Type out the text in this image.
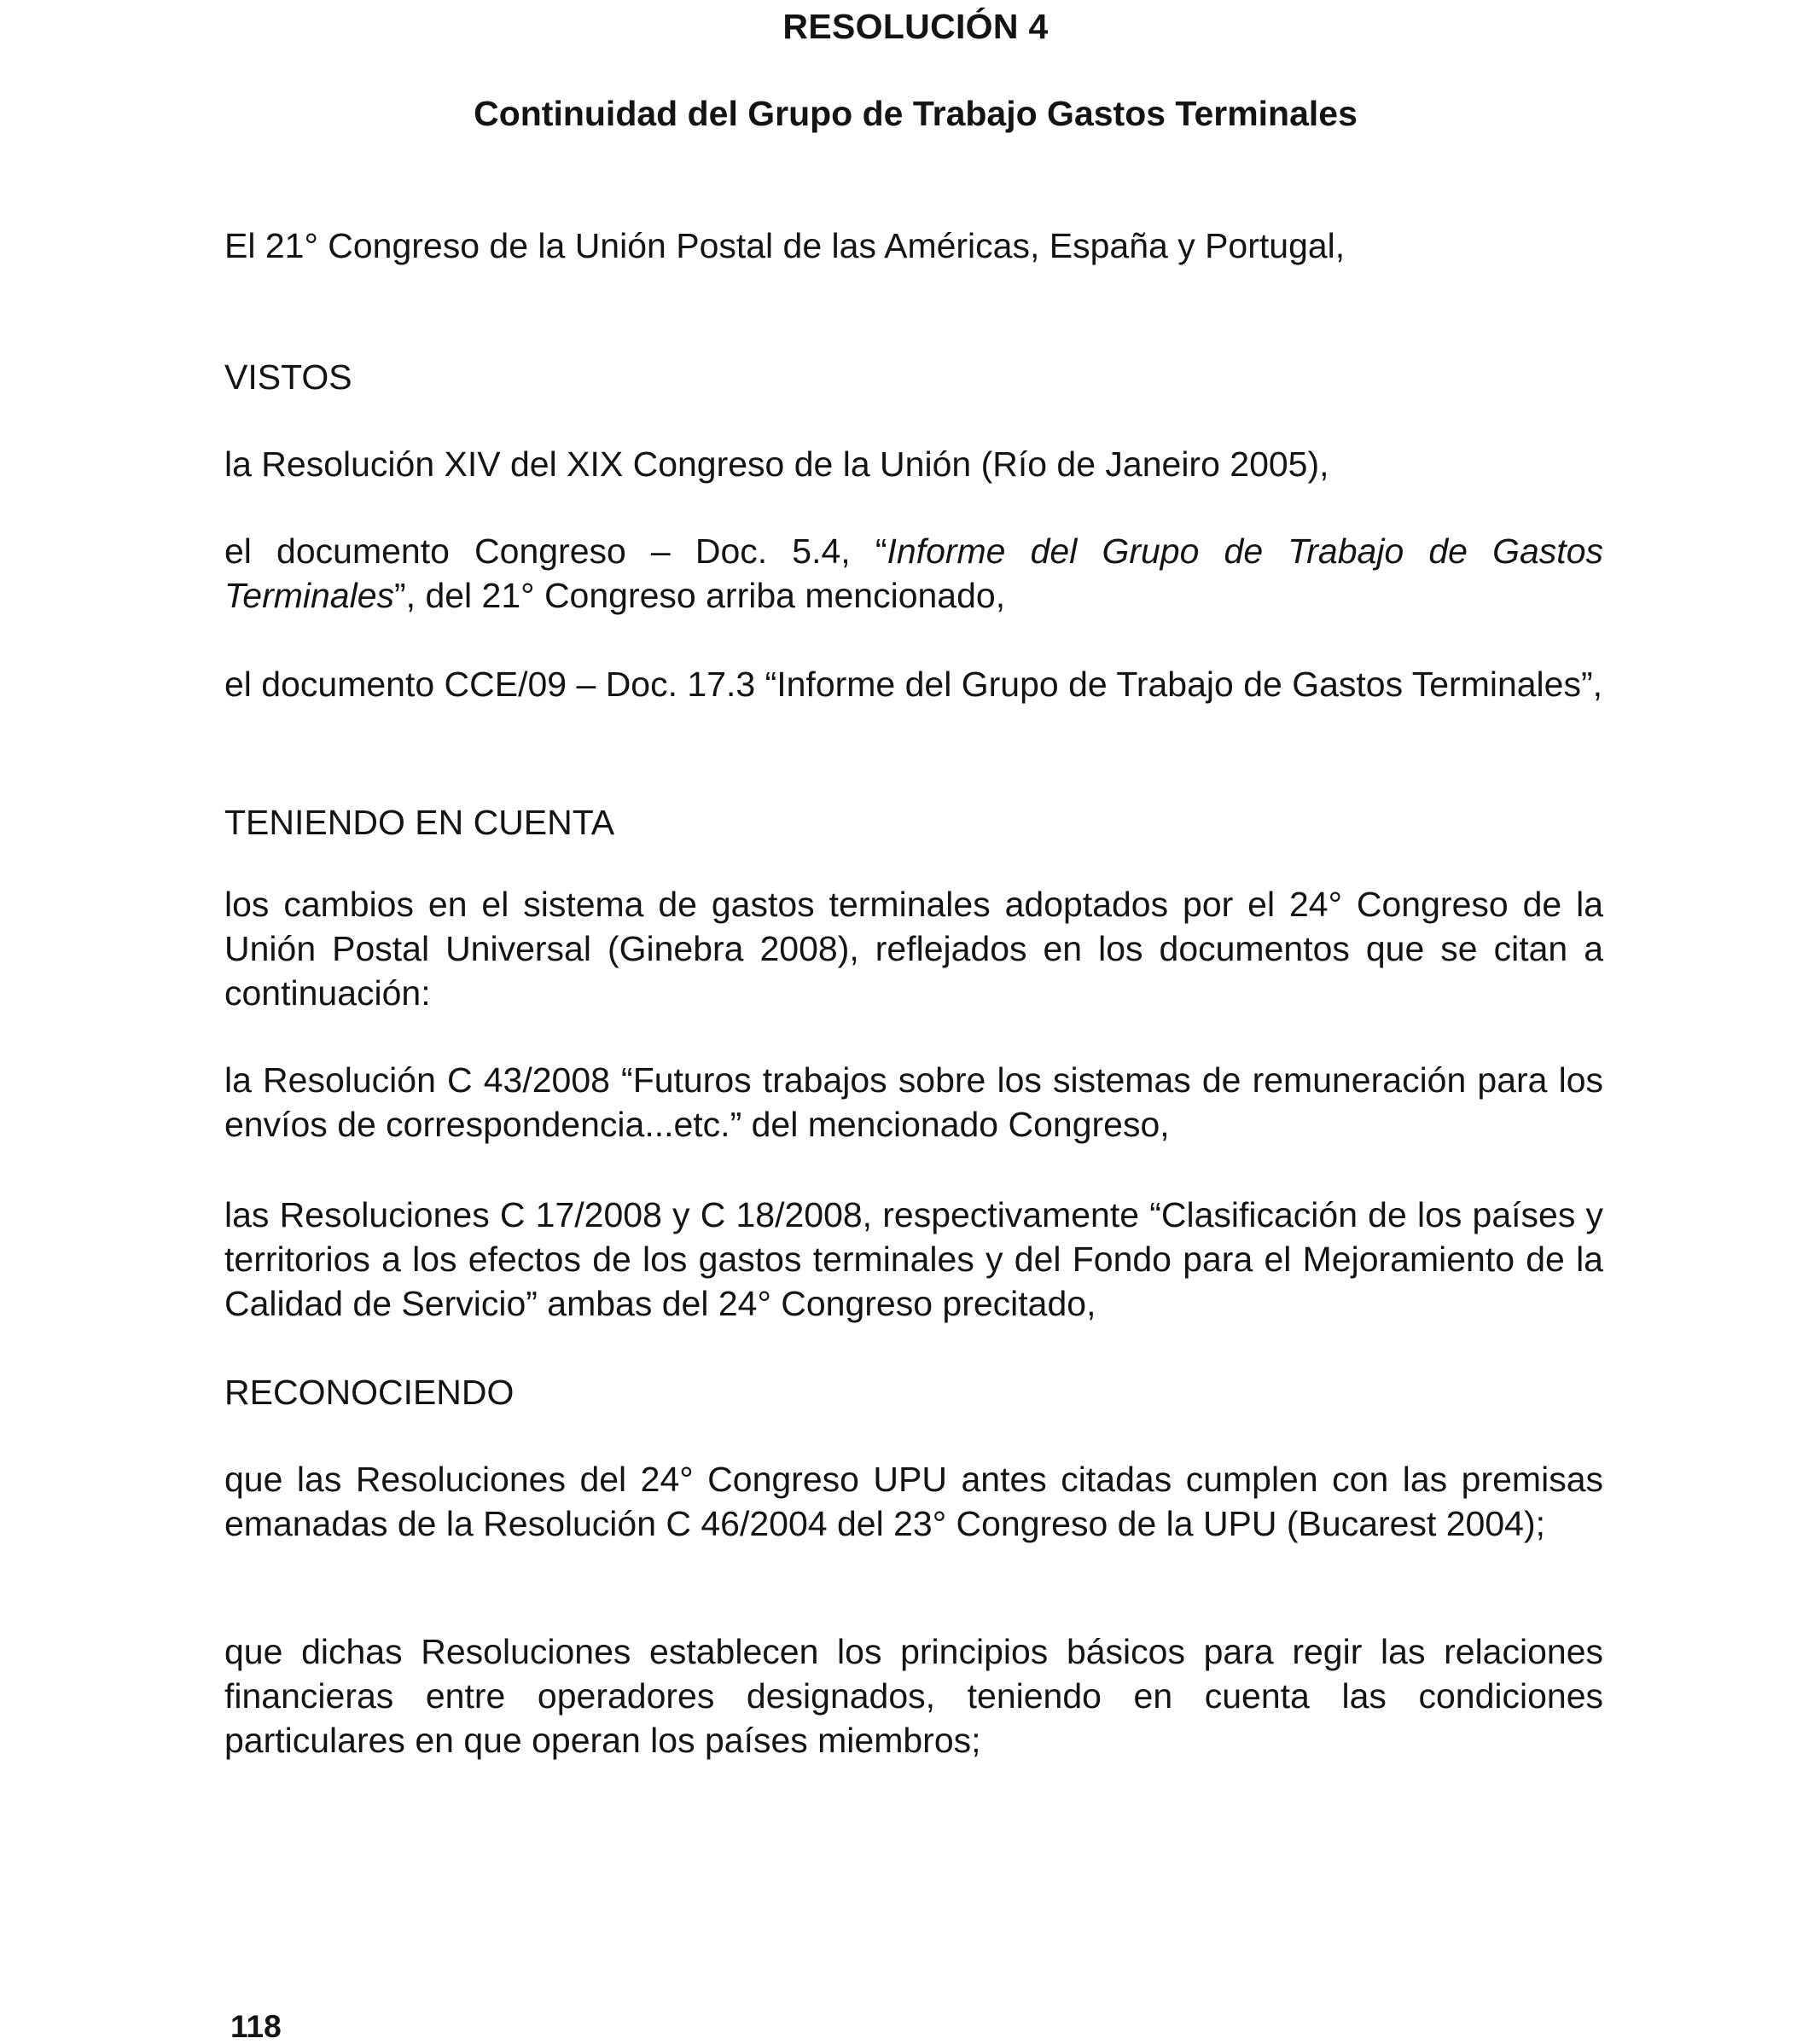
RESOLUCIÓN 4
Continuidad del Grupo de Trabajo Gastos Terminales
El 21° Congreso de la Unión Postal de las Américas, España y Portugal,
VISTOS
la Resolución XIV del XIX Congreso de la Unión (Río de Janeiro 2005),
el documento Congreso – Doc. 5.4, “Informe del Grupo de Trabajo de Gastos Terminales”, del 21° Congreso arriba mencionado,
el documento CCE/09 – Doc. 17.3 “Informe del Grupo de Trabajo de Gastos Terminales”,
TENIENDO EN CUENTA
los cambios en el sistema de gastos terminales adoptados por el 24° Congreso de la Unión Postal Universal (Ginebra 2008), reflejados en los documentos que se citan a continuación:
la Resolución C 43/2008 “Futuros trabajos sobre los sistemas de remuneración para los envíos de correspondencia...etc.” del mencionado Congreso,
las Resoluciones C 17/2008 y C 18/2008, respectivamente “Clasificación de los países y territorios a los efectos de los gastos terminales y del Fondo para el Mejoramiento de la Calidad de Servicio” ambas del 24° Congreso precitado,
RECONOCIENDO
que las Resoluciones del 24° Congreso UPU antes citadas cumplen con las premisas emanadas de la Resolución C 46/2004 del 23° Congreso de la UPU (Bucarest 2004);
que dichas Resoluciones establecen los principios básicos para regir las relaciones financieras entre operadores designados, teniendo en cuenta las condiciones particulares en que operan los países miembros;
118
